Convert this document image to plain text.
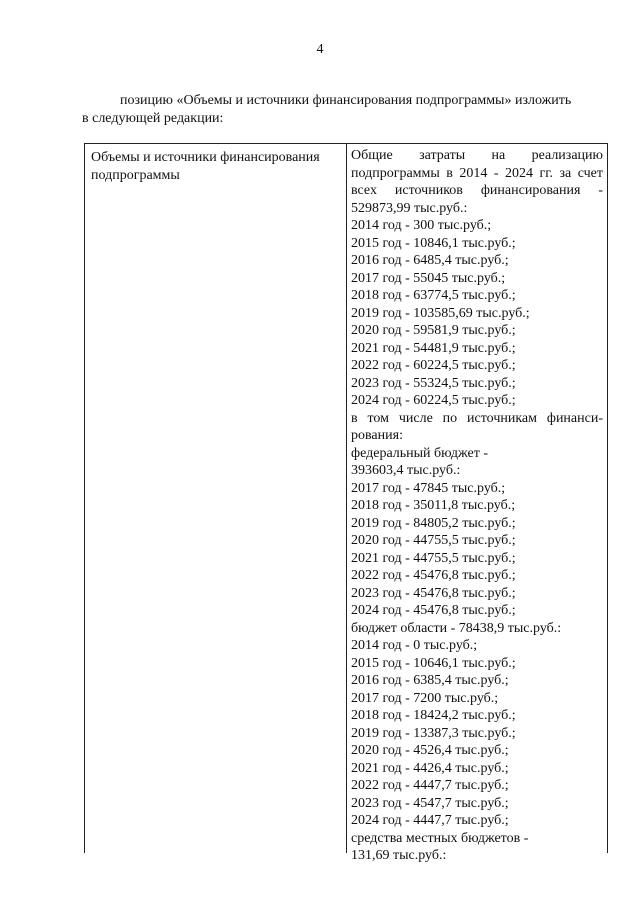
4
позицию «Объемы и источники финансирования подпрограммы» изложить
в следующей редакции:
Объемы и источники финансирования
подпрограммы
Общие затраты на реализацию
подпрограммы в 2014 - 2024 гг. за счет
всех источников финансирования -
529873,99 тыс.руб.:
2014 год - 300 тыс.руб.;
2015 год - 10846,1 тыс.руб.;
2016 год - 6485,4 тыс.руб.;
2017 год - 55045 тыс.руб.;
2018 год - 63774,5 тыс.руб.;
2019 год - 103585,69 тыс.руб.;
2020 год - 59581,9 тыс.руб.;
2021 год - 54481,9 тыс.руб.;
2022 год - 60224,5 тыс.руб.;
2023 год - 55324,5 тыс.руб.;
2024 год - 60224,5 тыс.руб.;
в том числе по источникам финанси-
рования:
федеральный бюджет -
393603,4 тыс.руб.:
2017 год - 47845 тыс.руб.;
2018 год - 35011,8 тыс.руб.;
2019 год - 84805,2 тыс.руб.;
2020 год - 44755,5 тыс.руб.;
2021 год - 44755,5 тыс.руб.;
2022 год - 45476,8 тыс.руб.;
2023 год - 45476,8 тыс.руб.;
2024 год - 45476,8 тыс.руб.;
бюджет области - 78438,9 тыс.руб.:
2014 год - 0 тыс.руб.;
2015 год - 10646,1 тыс.руб.;
2016 год - 6385,4 тыс.руб.;
2017 год - 7200 тыс.руб.;
2018 год - 18424,2 тыс.руб.;
2019 год - 13387,3 тыс.руб.;
2020 год - 4526,4 тыс.руб.;
2021 год - 4426,4 тыс.руб.;
2022 год - 4447,7 тыс.руб.;
2023 год - 4547,7 тыс.руб.;
2024 год - 4447,7 тыс.руб.;
средства местных бюджетов -
131,69 тыс.руб.:
